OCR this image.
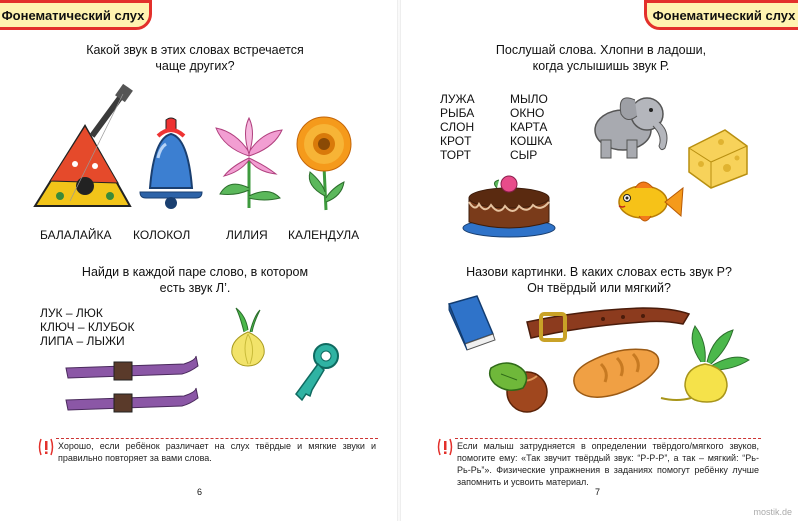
Фонематический слух
Какой звук в этих словах встречается
чаще других?
БАЛАЛАЙКА КОЛОКОЛ	ЛИЛИЯ КАЛЕНДУЛА
Найди в каждой паре слово, в котором
есть звук Л’.
ЛУК – ЛЮК
КЛЮЧ – КЛУБОК
ЛИПА – ЛЫЖИ
Хорошо, если ребёнок различает на слух твёрдые и мягкие звуки и правильно повторяет за вами слова.
6
Фонематический слух
Послушай слова. Хлопни в ладоши,
когда услышишь звук Р.
ЛУЖА
РЫБА
СЛОН
КРОТ
ТОРТ
МЫЛО
ОКНО
КАРТА
КОШКА
СЫР
Назови картинки. В каких словах есть звук Р?
Он твёрдый или мягкий?
Если малыш затрудняется в определении твёрдого/мягкого звуков, помогите ему: «Так звучит твёрдый звук: “Р-Р-Р”, а так – мягкий: “Рь-Рь-Рь”». Физические упражнения в заданиях помогут ребёнку лучше запомнить и усвоить материал.
7
mostik.de
